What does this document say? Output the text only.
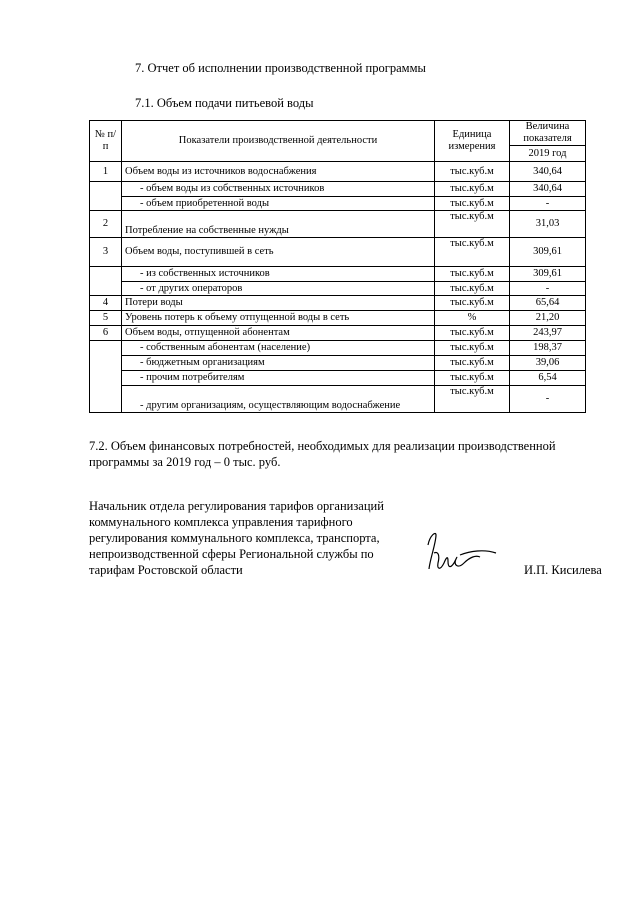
7. Отчет об исполнении производственной программы
7.1. Объем подачи питьевой воды
№ п/п	Показатели производственной деятельности	Единица измерения	Величина показателя
			2019 год
1	Объем воды из источников водоснабжения	тыс.куб.м	340,64
	- объем воды из собственных источников	тыс.куб.м	340,64
	- объем приобретенной воды	тыс.куб.м	-
2	Потребление на собственные нужды	тыс.куб.м	31,03
3	Объем воды, поступившей в сеть	тыс.куб.м	309,61
	- из собственных источников	тыс.куб.м	309,61
	- от других операторов	тыс.куб.м	-
4	Потери воды	тыс.куб.м	65,64
5	Уровень потерь к объему отпущенной воды в сеть	%	21,20
6	Объем воды, отпущенной абонентам	тыс.куб.м	243,97
	- собственным абонентам (население)	тыс.куб.м	198,37
	- бюджетным организациям	тыс.куб.м	39,06
	- прочим потребителям	тыс.куб.м	6,54
	- другим организациям, осуществляющим водоснабжение	тыс.куб.м	-
7.2. Объем финансовых потребностей, необходимых для реализации производственной программы за 2019 год – 0 тыс. руб.
Начальник отдела регулирования тарифов организаций коммунального комплекса управления тарифного регулирования коммунального комплекса, транспорта, непроизводственной сферы Региональной службы по тарифам Ростовской области	И.П. Кисилева
